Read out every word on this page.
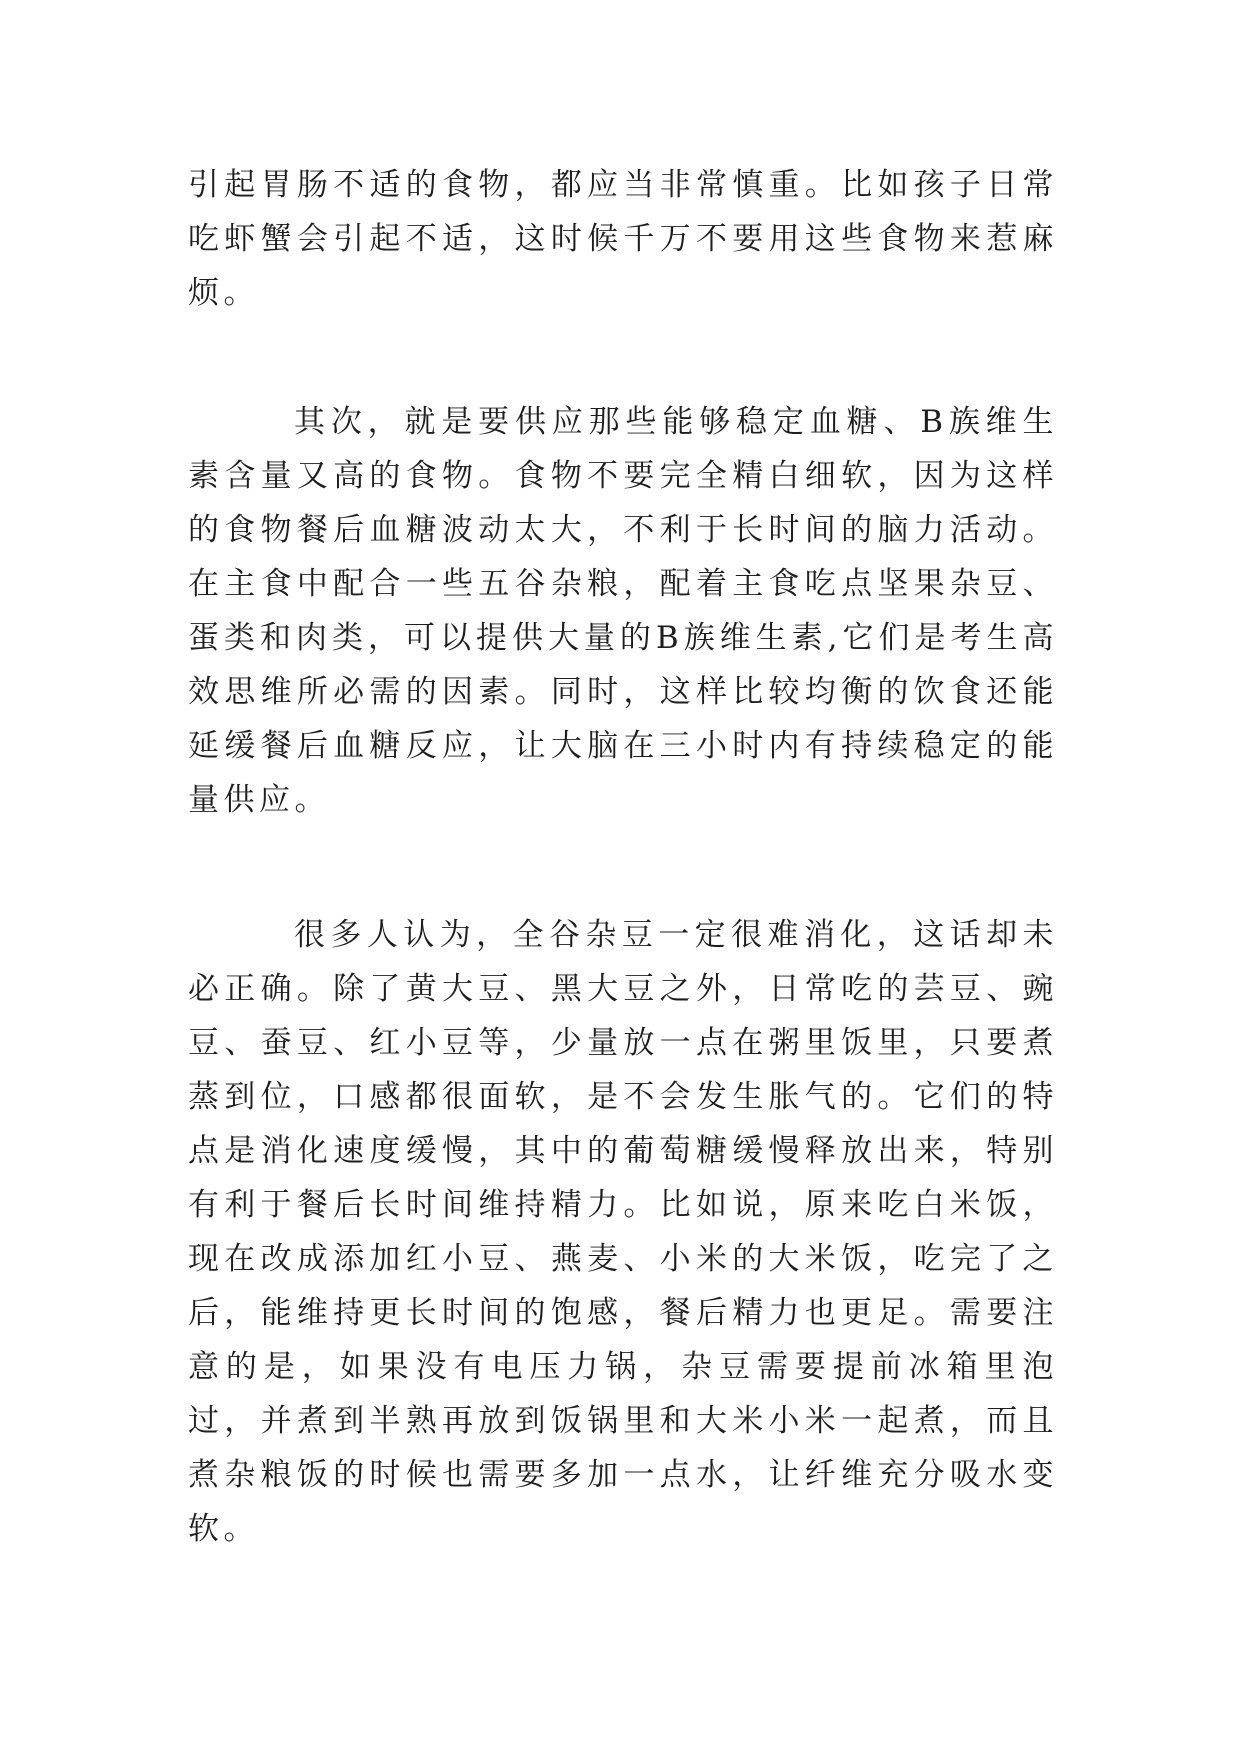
引起胃肠不适的食物，都应当非常慎重。比如孩子日常吃虾蟹会引起不适，这时候千万不要用这些食物来惹麻烦。

其次，就是要供应那些能够稳定血糖、B族维生素含量又高的食物。食物不要完全精白细软，因为这样的食物餐后血糖波动太大，不利于长时间的脑力活动。在主食中配合一些五谷杂粮，配着主食吃点坚果杂豆、蛋类和肉类，可以提供大量的B族维生素,它们是考生高效思维所必需的因素。同时，这样比较均衡的饮食还能延缓餐后血糖反应，让大脑在三小时内有持续稳定的能量供应。

很多人认为，全谷杂豆一定很难消化，这话却未必正确。除了黄大豆、黑大豆之外，日常吃的芸豆、豌豆、蚕豆、红小豆等，少量放一点在粥里饭里，只要煮蒸到位，口感都很面软，是不会发生胀气的。它们的特点是消化速度缓慢，其中的葡萄糖缓慢释放出来，特别有利于餐后长时间维持精力。比如说，原来吃白米饭，现在改成添加红小豆、燕麦、小米的大米饭，吃完了之后，能维持更长时间的饱感，餐后精力也更足。需要注意的是，如果没有电压力锅，杂豆需要提前冰箱里泡过，并煮到半熟再放到饭锅里和大米小米一起煮，而且煮杂粮饭的时候也需要多加一点水，让纤维充分吸水变软。
